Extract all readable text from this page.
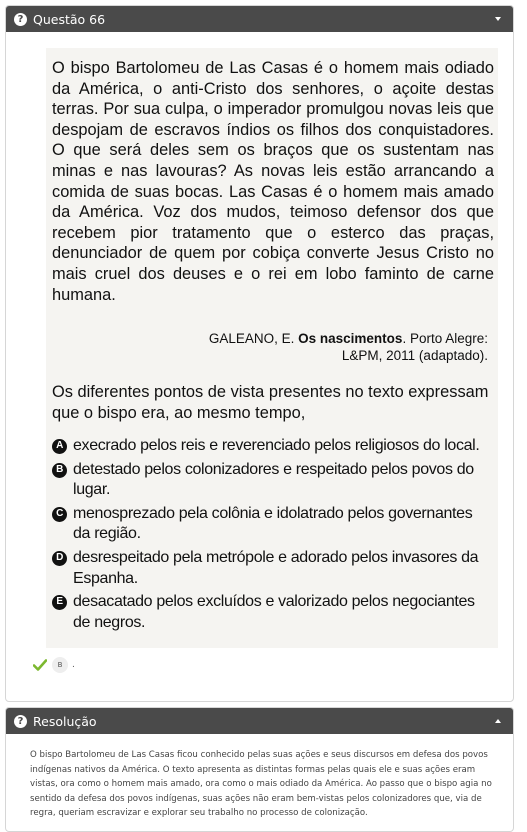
? Questão 66

O bispo Bartolomeu de Las Casas é o homem mais odiado da América, o anti-Cristo dos senhores, o açoite destas terras. Por sua culpa, o imperador promulgou novas leis que despojam de escravos índios os filhos dos conquistadores. O que será deles sem os braços que os sustentam nas minas e nas lavouras? As novas leis estão arrancando a comida de suas bocas. Las Casas é o homem mais amado da América. Voz dos mudos, teimoso defensor dos que recebem pior tratamento que o esterco das praças, denunciador de quem por cobiça converte Jesus Cristo no mais cruel dos deuses e o rei em lobo faminto de carne humana.

GALEANO, E. Os nascimentos. Porto Alegre:
L&PM, 2011 (adaptado).

Os diferentes pontos de vista presentes no texto expressam que o bispo era, ao mesmo tempo,

A execrado pelos reis e reverenciado pelos religiosos do local.
B detestado pelos colonizadores e respeitado pelos povos do lugar.
C menosprezado pela colônia e idolatrado pelos governantes da região.
D desrespeitado pela metrópole e adorado pelos invasores da Espanha.
E desacatado pelos excluídos e valorizado pelos negociantes de negros.
B	.
? Resolução

O bispo Bartolomeu de Las Casas ficou conhecido pelas suas ações e seus discursos em defesa dos povos indígenas nativos da América. O texto apresenta as distintas formas pelas quais ele e suas ações eram vistas, ora como o homem mais amado, ora como o mais odiado da América. Ao passo que o bispo agia no sentido da defesa dos povos indígenas, suas ações não eram bem-vistas pelos colonizadores que, via de regra, queriam escravizar e explorar seu trabalho no processo de colonização.
